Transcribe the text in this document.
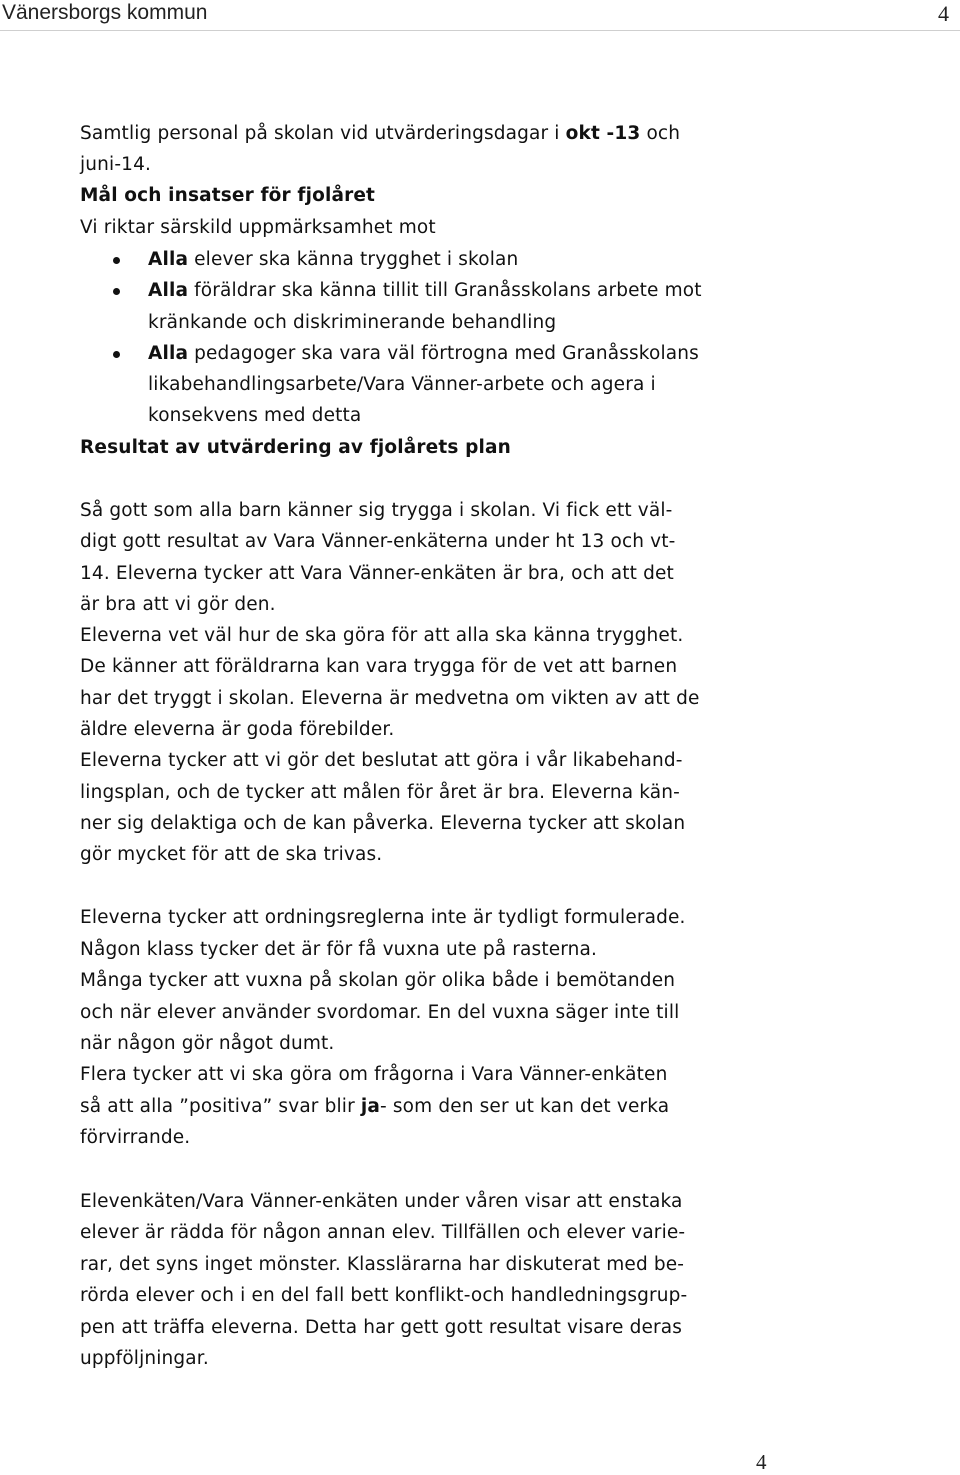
Vänersborgs kommun	4
Samtlig personal på skolan vid utvärderingsdagar i okt -13 och
juni-14.
Mål och insatser för fjolåret
Vi riktar särskild uppmärksamhet mot
Alla elever ska känna trygghet i skolan
Alla föräldrar ska känna tillit till Granåsskolans arbete mot
kränkande och diskriminerande behandling
Alla pedagoger ska vara väl förtrogna med Granåsskolans
likabehandlingsarbete/Vara Vänner-arbete och agera i
konsekvens med detta
Resultat av utvärdering av fjolårets plan
Så gott som alla barn känner sig trygga i skolan. Vi fick ett väl-
digt gott resultat av Vara Vänner-enkäterna under ht 13 och vt-
14. Eleverna tycker att Vara Vänner-enkäten är bra, och att det
är bra att vi gör den.
Eleverna vet väl hur de ska göra för att alla ska känna trygghet.
De känner att föräldrarna kan vara trygga för de vet att barnen
har det tryggt i skolan. Eleverna är medvetna om vikten av att de
äldre eleverna är goda förebilder.
Eleverna tycker att vi gör det beslutat att göra i vår likabehand-
lingsplan, och de tycker att målen för året är bra. Eleverna kän-
ner sig delaktiga och de kan påverka. Eleverna tycker att skolan
gör mycket för att de ska trivas.
Eleverna tycker att ordningsreglerna inte är tydligt formulerade.
Någon klass tycker det är för få vuxna ute på rasterna.
Många tycker att vuxna på skolan gör olika både i bemötanden
och när elever använder svordomar. En del vuxna säger inte till
när någon gör något dumt.
Flera tycker att vi ska göra om frågorna i Vara Vänner-enkäten
så att alla ”positiva” svar blir ja- som den ser ut kan det verka
förvirrande.
Elevenkäten/Vara Vänner-enkäten under våren visar att enstaka
elever är rädda för någon annan elev. Tillfällen och elever varie-
rar, det syns inget mönster. Klasslärarna har diskuterat med be-
rörda elever och i en del fall bett konflikt-och handledningsgrup-
pen att träffa eleverna. Detta har gett gott resultat visare deras
uppföljningar.
4
